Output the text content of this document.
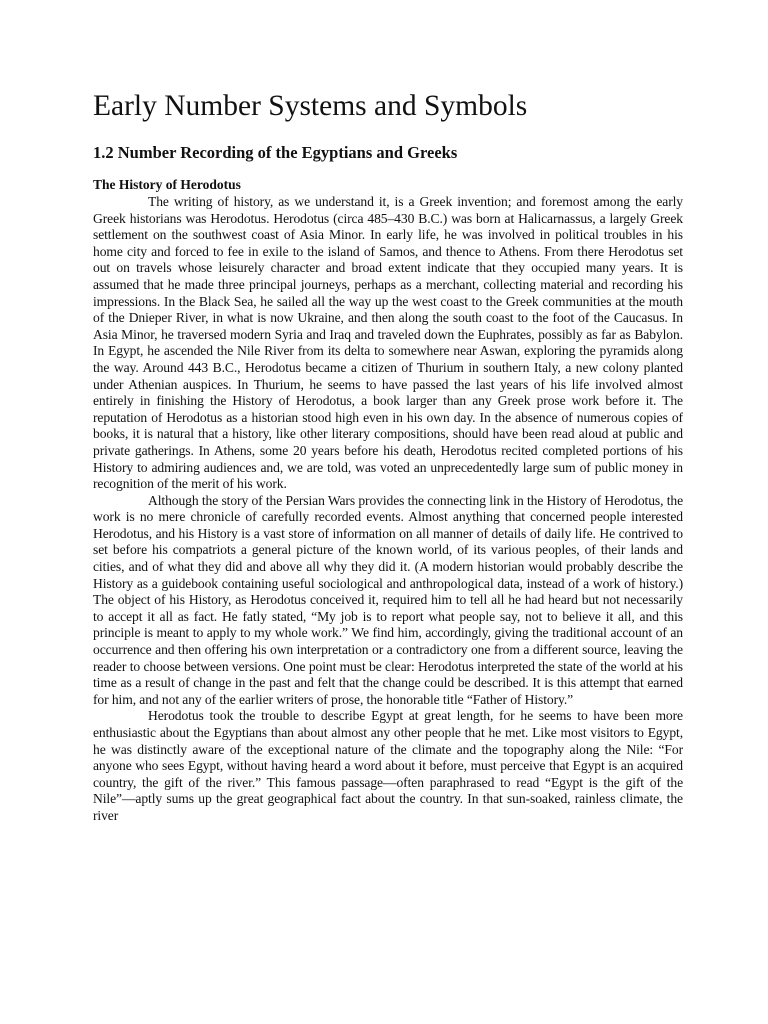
Early Number Systems and Symbols
1.2 Number Recording of the Egyptians and Greeks
The History of Herodotus

The writing of history, as we understand it, is a Greek invention; and foremost among the early Greek historians was Herodotus. Herodotus (circa 485–430 B.C.) was born at Halicarnassus, a largely Greek settlement on the southwest coast of Asia Minor. In early life, he was involved in political troubles in his home city and forced to fee in exile to the island of Samos, and thence to Athens. From there Herodotus set out on travels whose leisurely character and broad extent indicate that they occupied many years. It is assumed that he made three principal journeys, perhaps as a merchant, collecting material and recording his impressions. In the Black Sea, he sailed all the way up the west coast to the Greek communities at the mouth of the Dnieper River, in what is now Ukraine, and then along the south coast to the foot of the Caucasus. In Asia Minor, he traversed modern Syria and Iraq and traveled down the Euphrates, possibly as far as Babylon. In Egypt, he ascended the Nile River from its delta to somewhere near Aswan, exploring the pyramids along the way. Around 443 B.C., Herodotus became a citizen of Thurium in southern Italy, a new colony planted under Athenian auspices. In Thurium, he seems to have passed the last years of his life involved almost entirely in finishing the History of Herodotus, a book larger than any Greek prose work before it. The reputation of Herodotus as a historian stood high even in his own day. In the absence of numerous copies of books, it is natural that a history, like other literary compositions, should have been read aloud at public and private gatherings. In Athens, some 20 years before his death, Herodotus recited completed portions of his History to admiring audiences and, we are told, was voted an unprecedentedly large sum of public money in recognition of the merit of his work.

Although the story of the Persian Wars provides the connecting link in the History of Herodotus, the work is no mere chronicle of carefully recorded events. Almost anything that concerned people interested Herodotus, and his History is a vast store of information on all manner of details of daily life. He contrived to set before his compatriots a general picture of the known world, of its various peoples, of their lands and cities, and of what they did and above all why they did it. (A modern historian would probably describe the History as a guidebook containing useful sociological and anthropological data, instead of a work of history.) The object of his History, as Herodotus conceived it, required him to tell all he had heard but not necessarily to accept it all as fact. He fatly stated, “My job is to report what people say, not to believe it all, and this principle is meant to apply to my whole work.” We find him, accordingly, giving the traditional account of an occurrence and then offering his own interpretation or a contradictory one from a different source, leaving the reader to choose between versions. One point must be clear: Herodotus interpreted the state of the world at his time as a result of change in the past and felt that the change could be described. It is this attempt that earned for him, and not any of the earlier writers of prose, the honorable title “Father of History.”

Herodotus took the trouble to describe Egypt at great length, for he seems to have been more enthusiastic about the Egyptians than about almost any other people that he met. Like most visitors to Egypt, he was distinctly aware of the exceptional nature of the climate and the topography along the Nile: “For anyone who sees Egypt, without having heard a word about it before, must perceive that Egypt is an acquired country, the gift of the river.” This famous passage—often paraphrased to read “Egypt is the gift of the Nile”—aptly sums up the great geographical fact about the country. In that sun-soaked, rainless climate, the river
